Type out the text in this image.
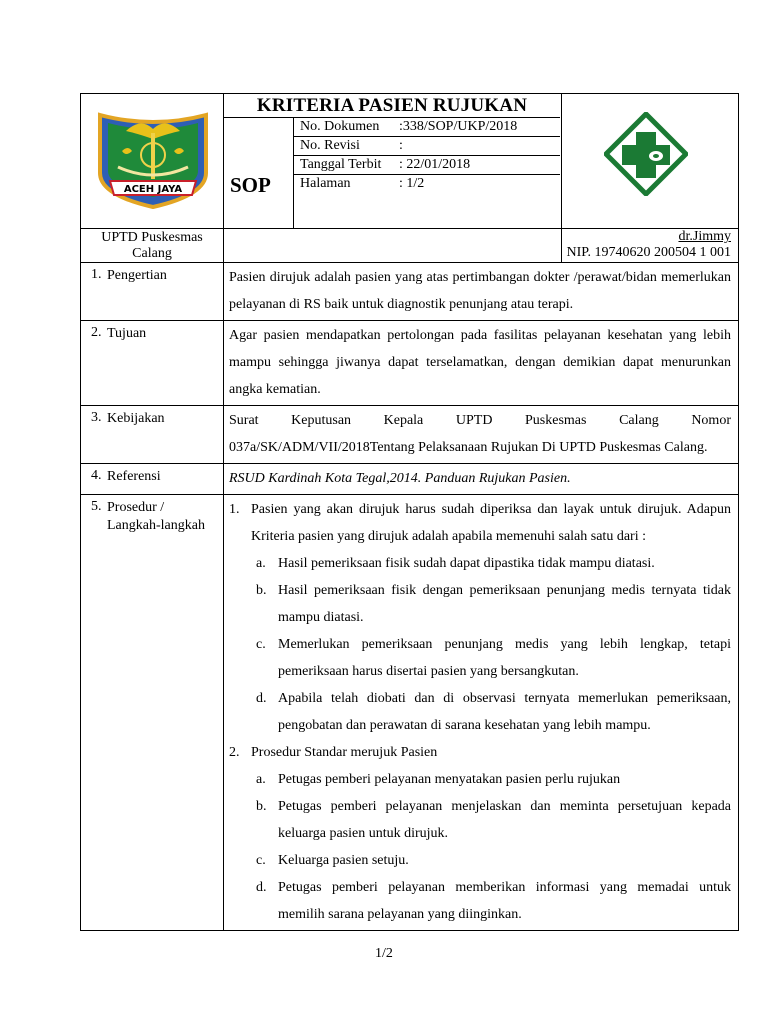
ACEH JAYA
KRITERIA PASIEN RUJUKAN
SOP
No. Dokumen :338/SOP/UKP/2018
No. Revisi	:
Tanggal Terbit : 22/01/2018
Halaman	: 1/2
UPTD Puskesmas
Calang
dr.Jimmy
NIP. 19740620 200504 1 001
1. Pengertian	Pasien dirujuk adalah pasien yang atas pertimbangan dokter /perawat/bidan memerlukan pelayanan di RS baik untuk diagnostik penunjang atau terapi.
2. Tujuan	Agar pasien mendapatkan pertolongan pada fasilitas pelayanan kesehatan yang lebih mampu sehingga jiwanya dapat terselamatkan, dengan demikian dapat menurunkan angka kematian.
3. Kebijakan	Surat Keputusan Kepala UPTD Puskesmas Calang Nomor 037a/SK/ADM/VII/2018Tentang Pelaksanaan Rujukan Di UPTD Puskesmas Calang.
4. Referensi	RSUD Kardinah Kota Tegal,2014. Panduan Rujukan Pasien.
5. Prosedur /
Langkah-langkah
1. Pasien yang akan dirujuk harus sudah diperiksa dan layak untuk dirujuk. Adapun Kriteria pasien yang dirujuk adalah apabila memenuhi salah satu dari :
a. Hasil pemeriksaan fisik sudah dapat dipastika tidak mampu diatasi.
b. Hasil pemeriksaan fisik dengan pemeriksaan penunjang medis ternyata tidak mampu diatasi.
c. Memerlukan pemeriksaan penunjang medis yang lebih lengkap, tetapi pemeriksaan harus disertai pasien yang bersangkutan.
d. Apabila telah diobati dan di observasi ternyata memerlukan pemeriksaan, pengobatan dan perawatan di sarana kesehatan yang lebih mampu.
2. Prosedur Standar merujuk Pasien
a. Petugas pemberi pelayanan menyatakan pasien perlu rujukan
b. Petugas pemberi pelayanan menjelaskan dan meminta persetujuan kepada keluarga pasien untuk dirujuk.
c. Keluarga pasien setuju.
d. Petugas pemberi pelayanan memberikan informasi yang memadai untuk memilih sarana pelayanan yang diinginkan.
1/2
